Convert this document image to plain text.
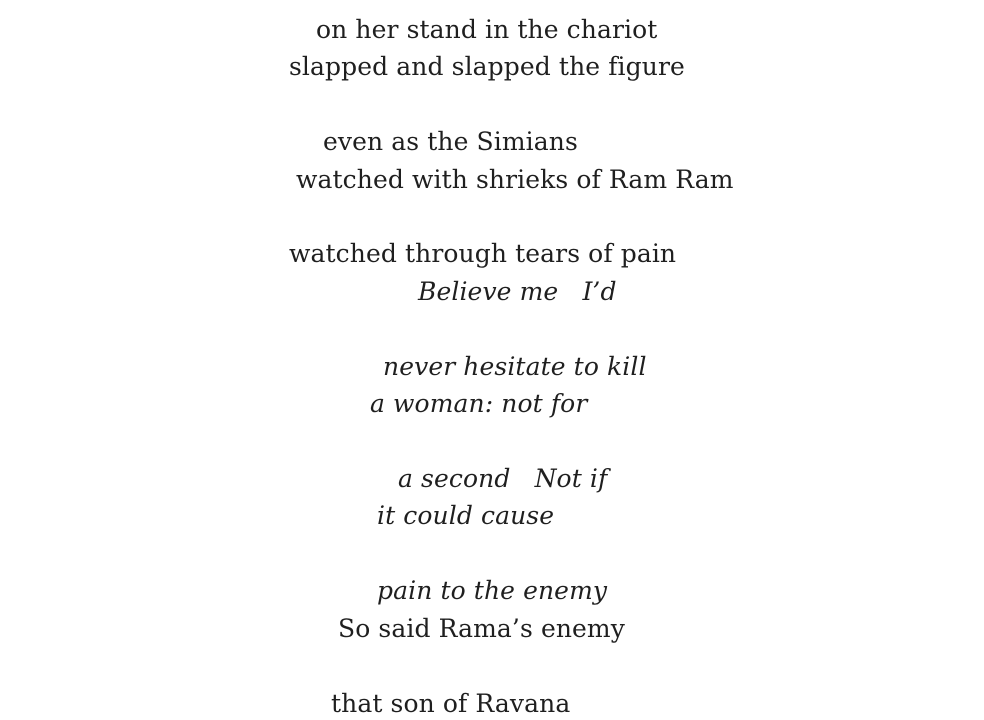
on her stand in the chariot
slapped and slapped the figure
even as the Simians
watched with shrieks of Ram Ram
watched through tears of pain
Believe me   I’d
never hesitate to kill
a woman: not for
a second   Not if
it could cause
pain to the enemy
So said Rama’s enemy
that son of Ravana
